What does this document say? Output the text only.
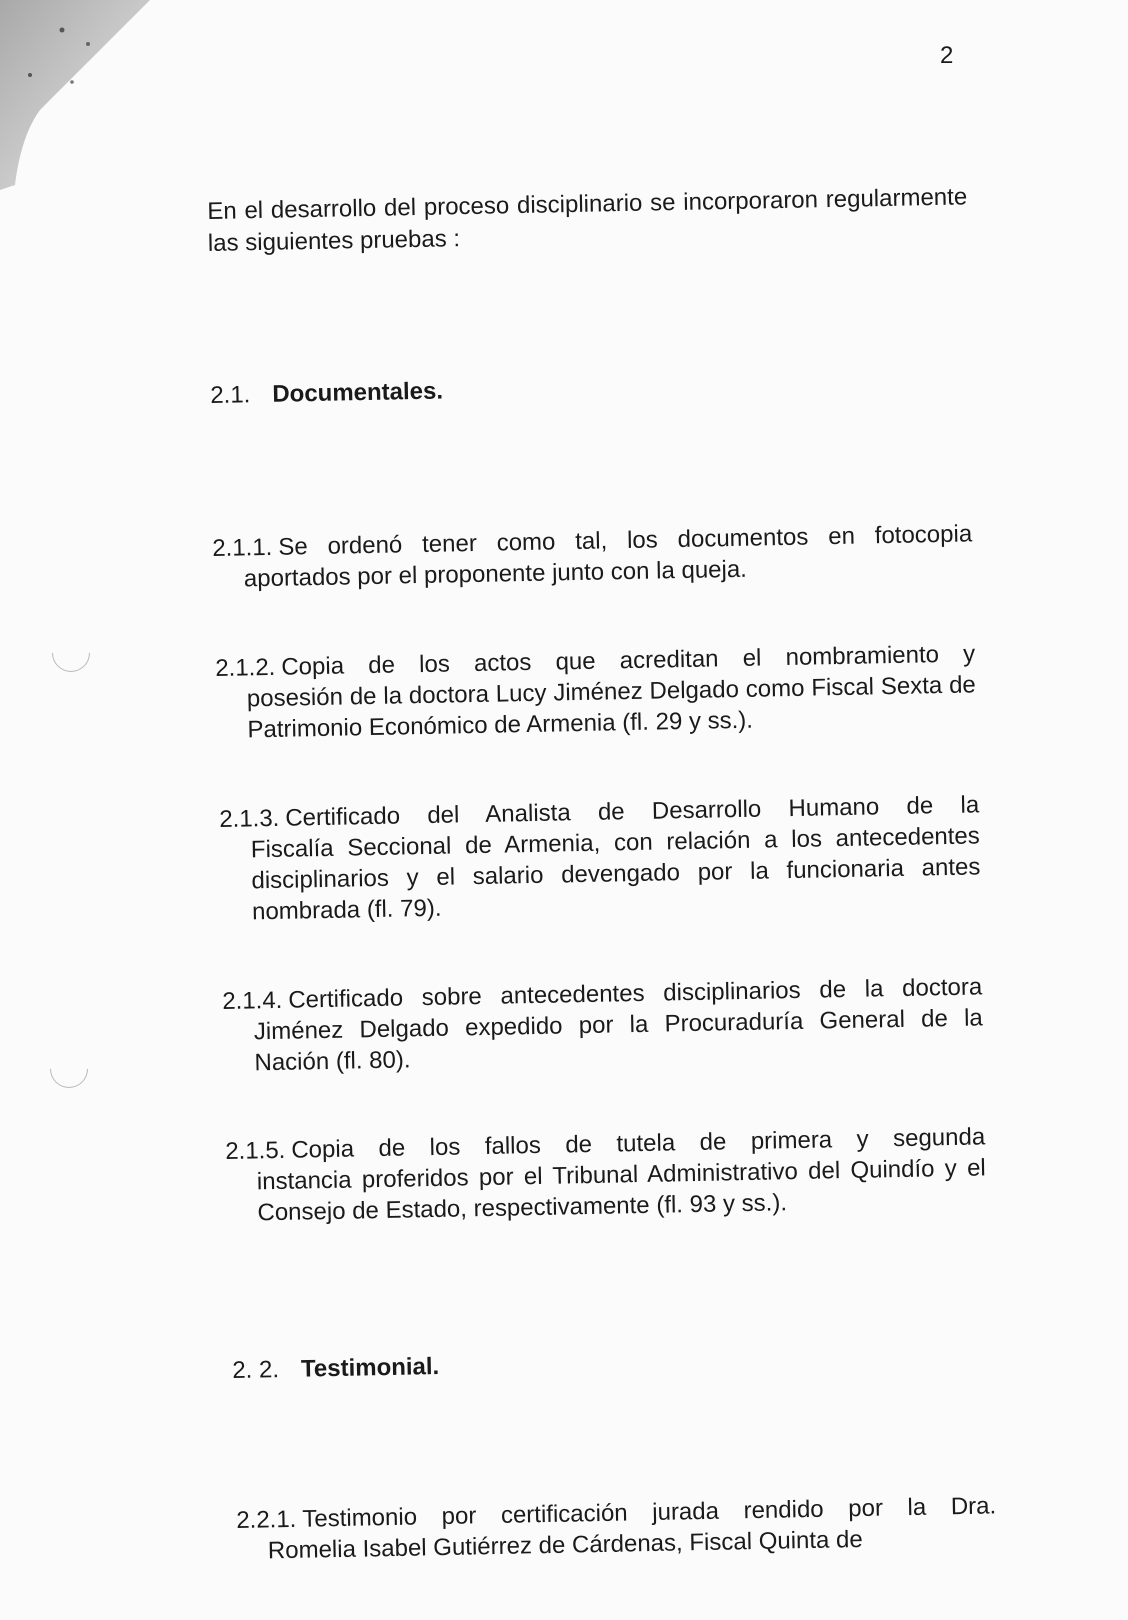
2
En el desarrollo del proceso disciplinario se incorporaron regularmente las siguientes pruebas :
2.1. Documentales.
2.1.1. Se ordenó tener como tal, los documentos en fotocopia
aportados por el proponente junto con la queja.
2.1.2. Copia de los actos que acreditan el nombramiento y
posesión de la doctora Lucy Jiménez Delgado como Fiscal Sexta de Patrimonio Económico de Armenia (fl. 29 y ss.).
2.1.3. Certificado del Analista de Desarrollo Humano de la
Fiscalía Seccional de Armenia, con relación a los antecedentes disciplinarios y el salario devengado por la funcionaria antes nombrada (fl. 79).
2.1.4. Certificado sobre antecedentes disciplinarios de la doctora
Jiménez Delgado expedido por la Procuraduría General de la Nación (fl. 80).
2.1.5. Copia de los fallos de tutela de primera y segunda
instancia proferidos por el Tribunal Administrativo del Quindío y el Consejo de Estado, respectivamente (fl. 93 y ss.).
2. 2. Testimonial.
2.2.1. Testimonio por certificación jurada rendido por la Dra.
Romelia Isabel Gutiérrez de Cárdenas, Fiscal Quinta de
